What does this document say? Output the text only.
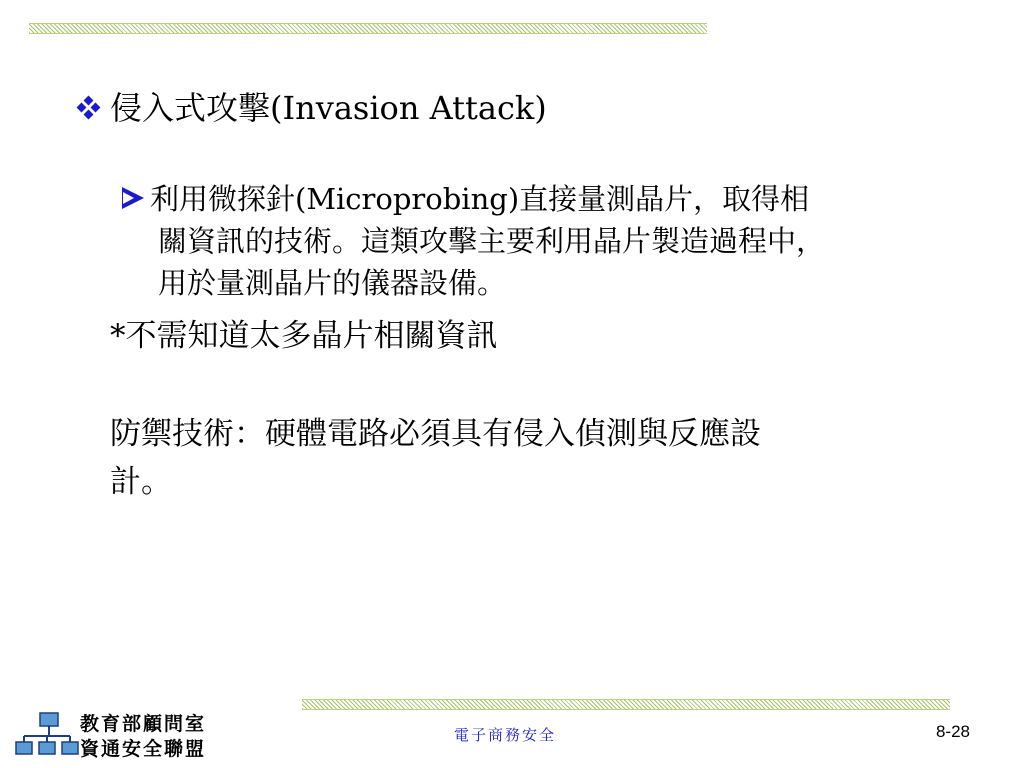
侵入式攻擊(Invasion Attack)
利用微探針(Microprobing)直接量測晶片，取得相
關資訊的技術。這類攻擊主要利用晶片製造過程中，
用於量測晶片的儀器設備。
*不需知道太多晶片相關資訊
防禦技術：硬體電路必須具有侵入偵測與反應設
計。
教育部顧問室
資通安全聯盟
電子商務安全	8-28
